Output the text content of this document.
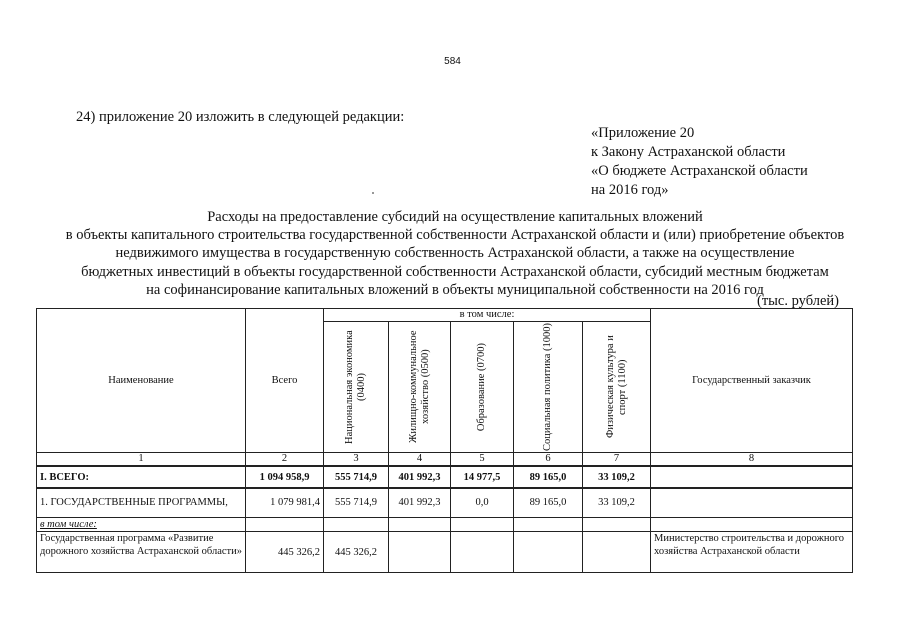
584
24) приложение 20 изложить в следующей редакции:
«Приложение 20
к Закону Астраханской области
«О бюджете Астраханской области
на 2016 год»
Расходы на предоставление субсидий на осуществление капитальных вложений
в объекты капитального строительства государственной собственности Астраханской области и (или) приобретение объектов
недвижимого имущества в государственную собственность Астраханской области, а также на осуществление
бюджетных инвестиций в объекты государственной собственности Астраханской области, субсидий местным бюджетам
на софинансирование капитальных вложений в объекты муниципальной собственности на 2016 год
(тыс. рублей)
Наименование	Всего	в том числе:					Государственный заказчик

		Национальная экономика (0400)	Жилищно-коммунальное хозяйство (0500)	Образование (0700)	Социальная политика (1000)	Физическая культура и спорт (1100)	

1	2	3	4	5	6	7	8
I. ВСЕГО:	1 094 958,9	555 714,9	401 992,3	14 977,5	89 165,0	33 109,2	
1. ГОСУДАРСТВЕННЫЕ ПРОГРАММЫ,	1 079 981,4	555 714,9	401 992,3	0,0	89 165,0	33 109,2	
в том числе:							
Государственная программа «Развитие дорожного хозяйства Астраханской области»	445 326,2	445 326,2					Министерство строительства и дорожного хозяйства Астраханской области
